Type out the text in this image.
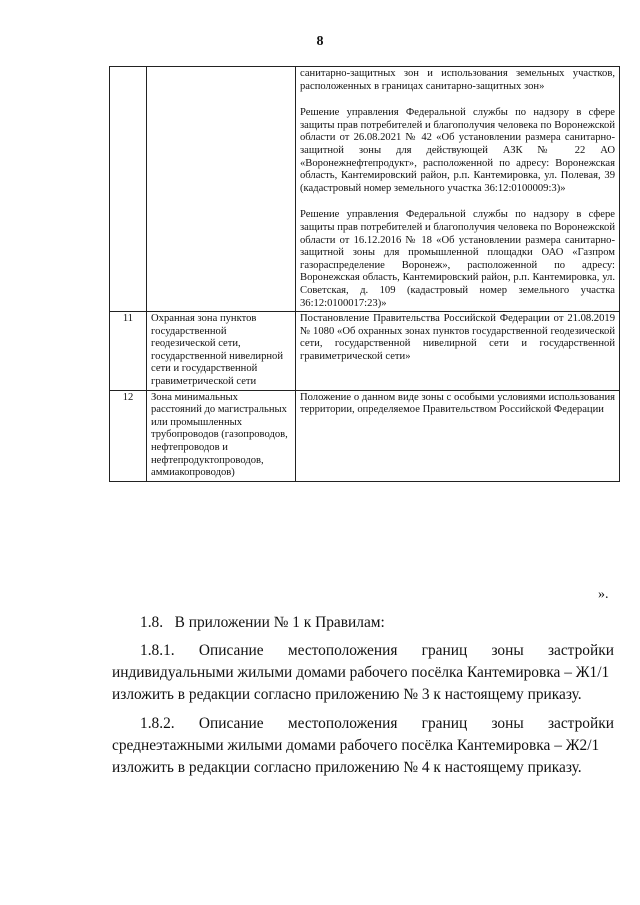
8

		санитарно-защитных зон и использования земельных участков, расположенных в границах санитарно-защитных зон»

Решение управления Федеральной службы по надзору в сфере защиты прав потребителей и благополучия человека по Воронежской области от 26.08.2021 № 42 «Об установлении размера санитарно-защитной зоны для действующей АЗК № 22 АО «Воронежнефтепродукт», расположенной по адресу: Воронежская область, Кантемировский район, р.п. Кантемировка, ул. Полевая, 39 (кадастровый номер земельного участка 36:12:0100009:3)»

Решение управления Федеральной службы по надзору в сфере защиты прав потребителей и благополучия человека по Воронежской области от 16.12.2016 № 18 «Об установлении размера санитарно-защитной зоны для промышленной площадки ОАО «Газпром газораспределение Воронеж», расположенной по адресу: Воронежская область, Кантемировский район, р.п. Кантемировка, ул. Советская, д. 109 (кадастровый номер земельного участка 36:12:0100017:23)»

11	Охранная зона пунктов государственной геодезической сети, государственной нивелирной сети и государственной гравиметрической сети	Постановление Правительства Российской Федерации от 21.08.2019 № 1080 «Об охранных зонах пунктов государственной геодезической сети, государственной нивелирной сети и государственной гравиметрической сети»

12	Зона минимальных расстояний до магистральных или промышленных трубопроводов (газопроводов, нефтепроводов и нефтепродуктопроводов, аммиакопроводов)	Положение о данном виде зоны с особыми условиями использования территории, определяемое Правительством Российской Федерации

».
1.8.   В приложении № 1 к Правилам:
1.8.1. Описание местоположения границ зоны застройки
индивидуальными жилыми домами рабочего посёлка Кантемировка – Ж1/1
изложить в редакции согласно приложению № 3 к настоящему приказу.
1.8.2. Описание местоположения границ зоны застройки
среднеэтажными жилыми домами рабочего посёлка Кантемировка – Ж2/1
изложить в редакции согласно приложению № 4 к настоящему приказу.
